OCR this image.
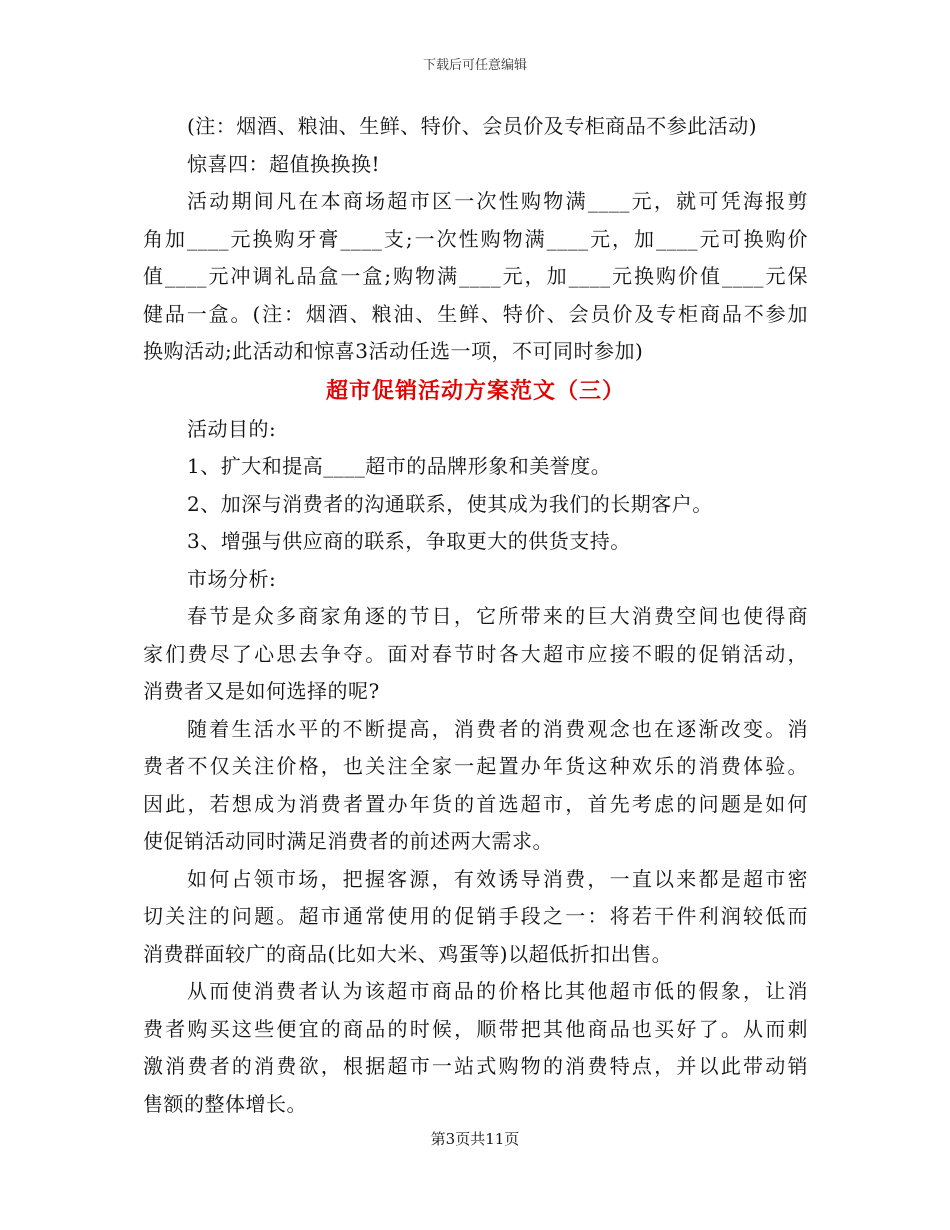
下载后可任意编辑
(注：烟酒、粮油、生鲜、特价、会员价及专柜商品不参此活动)
惊喜四：超值换换换!
活动期间凡在本商场超市区一次性购物满____元，就可凭海报剪
角加____元换购牙膏____支;一次性购物满____元，加____元可换购价
值____元冲调礼品盒一盒;购物满____元，加____元换购价值____元保
健品一盒。(注：烟酒、粮油、生鲜、特价、会员价及专柜商品不参加
换购活动;此活动和惊喜3活动任选一项，不可同时参加)
超市促销活动方案范文（三）
活动目的:
1、扩大和提高____超市的品牌形象和美誉度。
2、加深与消费者的沟通联系，使其成为我们的长期客户。
3、增强与供应商的联系，争取更大的供货支持。
市场分析:
春节是众多商家角逐的节日，它所带来的巨大消费空间也使得商
家们费尽了心思去争夺。面对春节时各大超市应接不暇的促销活动，
消费者又是如何选择的呢?
随着生活水平的不断提高，消费者的消费观念也在逐渐改变。消
费者不仅关注价格，也关注全家一起置办年货这种欢乐的消费体验。
因此，若想成为消费者置办年货的首选超市，首先考虑的问题是如何
使促销活动同时满足消费者的前述两大需求。
如何占领市场，把握客源，有效诱导消费，一直以来都是超市密
切关注的问题。超市通常使用的促销手段之一：将若干件利润较低而
消费群面较广的商品(比如大米、鸡蛋等)以超低折扣出售。
从而使消费者认为该超市商品的价格比其他超市低的假象，让消
费者购买这些便宜的商品的时候，顺带把其他商品也买好了。从而刺
激消费者的消费欲，根据超市一站式购物的消费特点，并以此带动销
售额的整体增长。
第3页共11页
